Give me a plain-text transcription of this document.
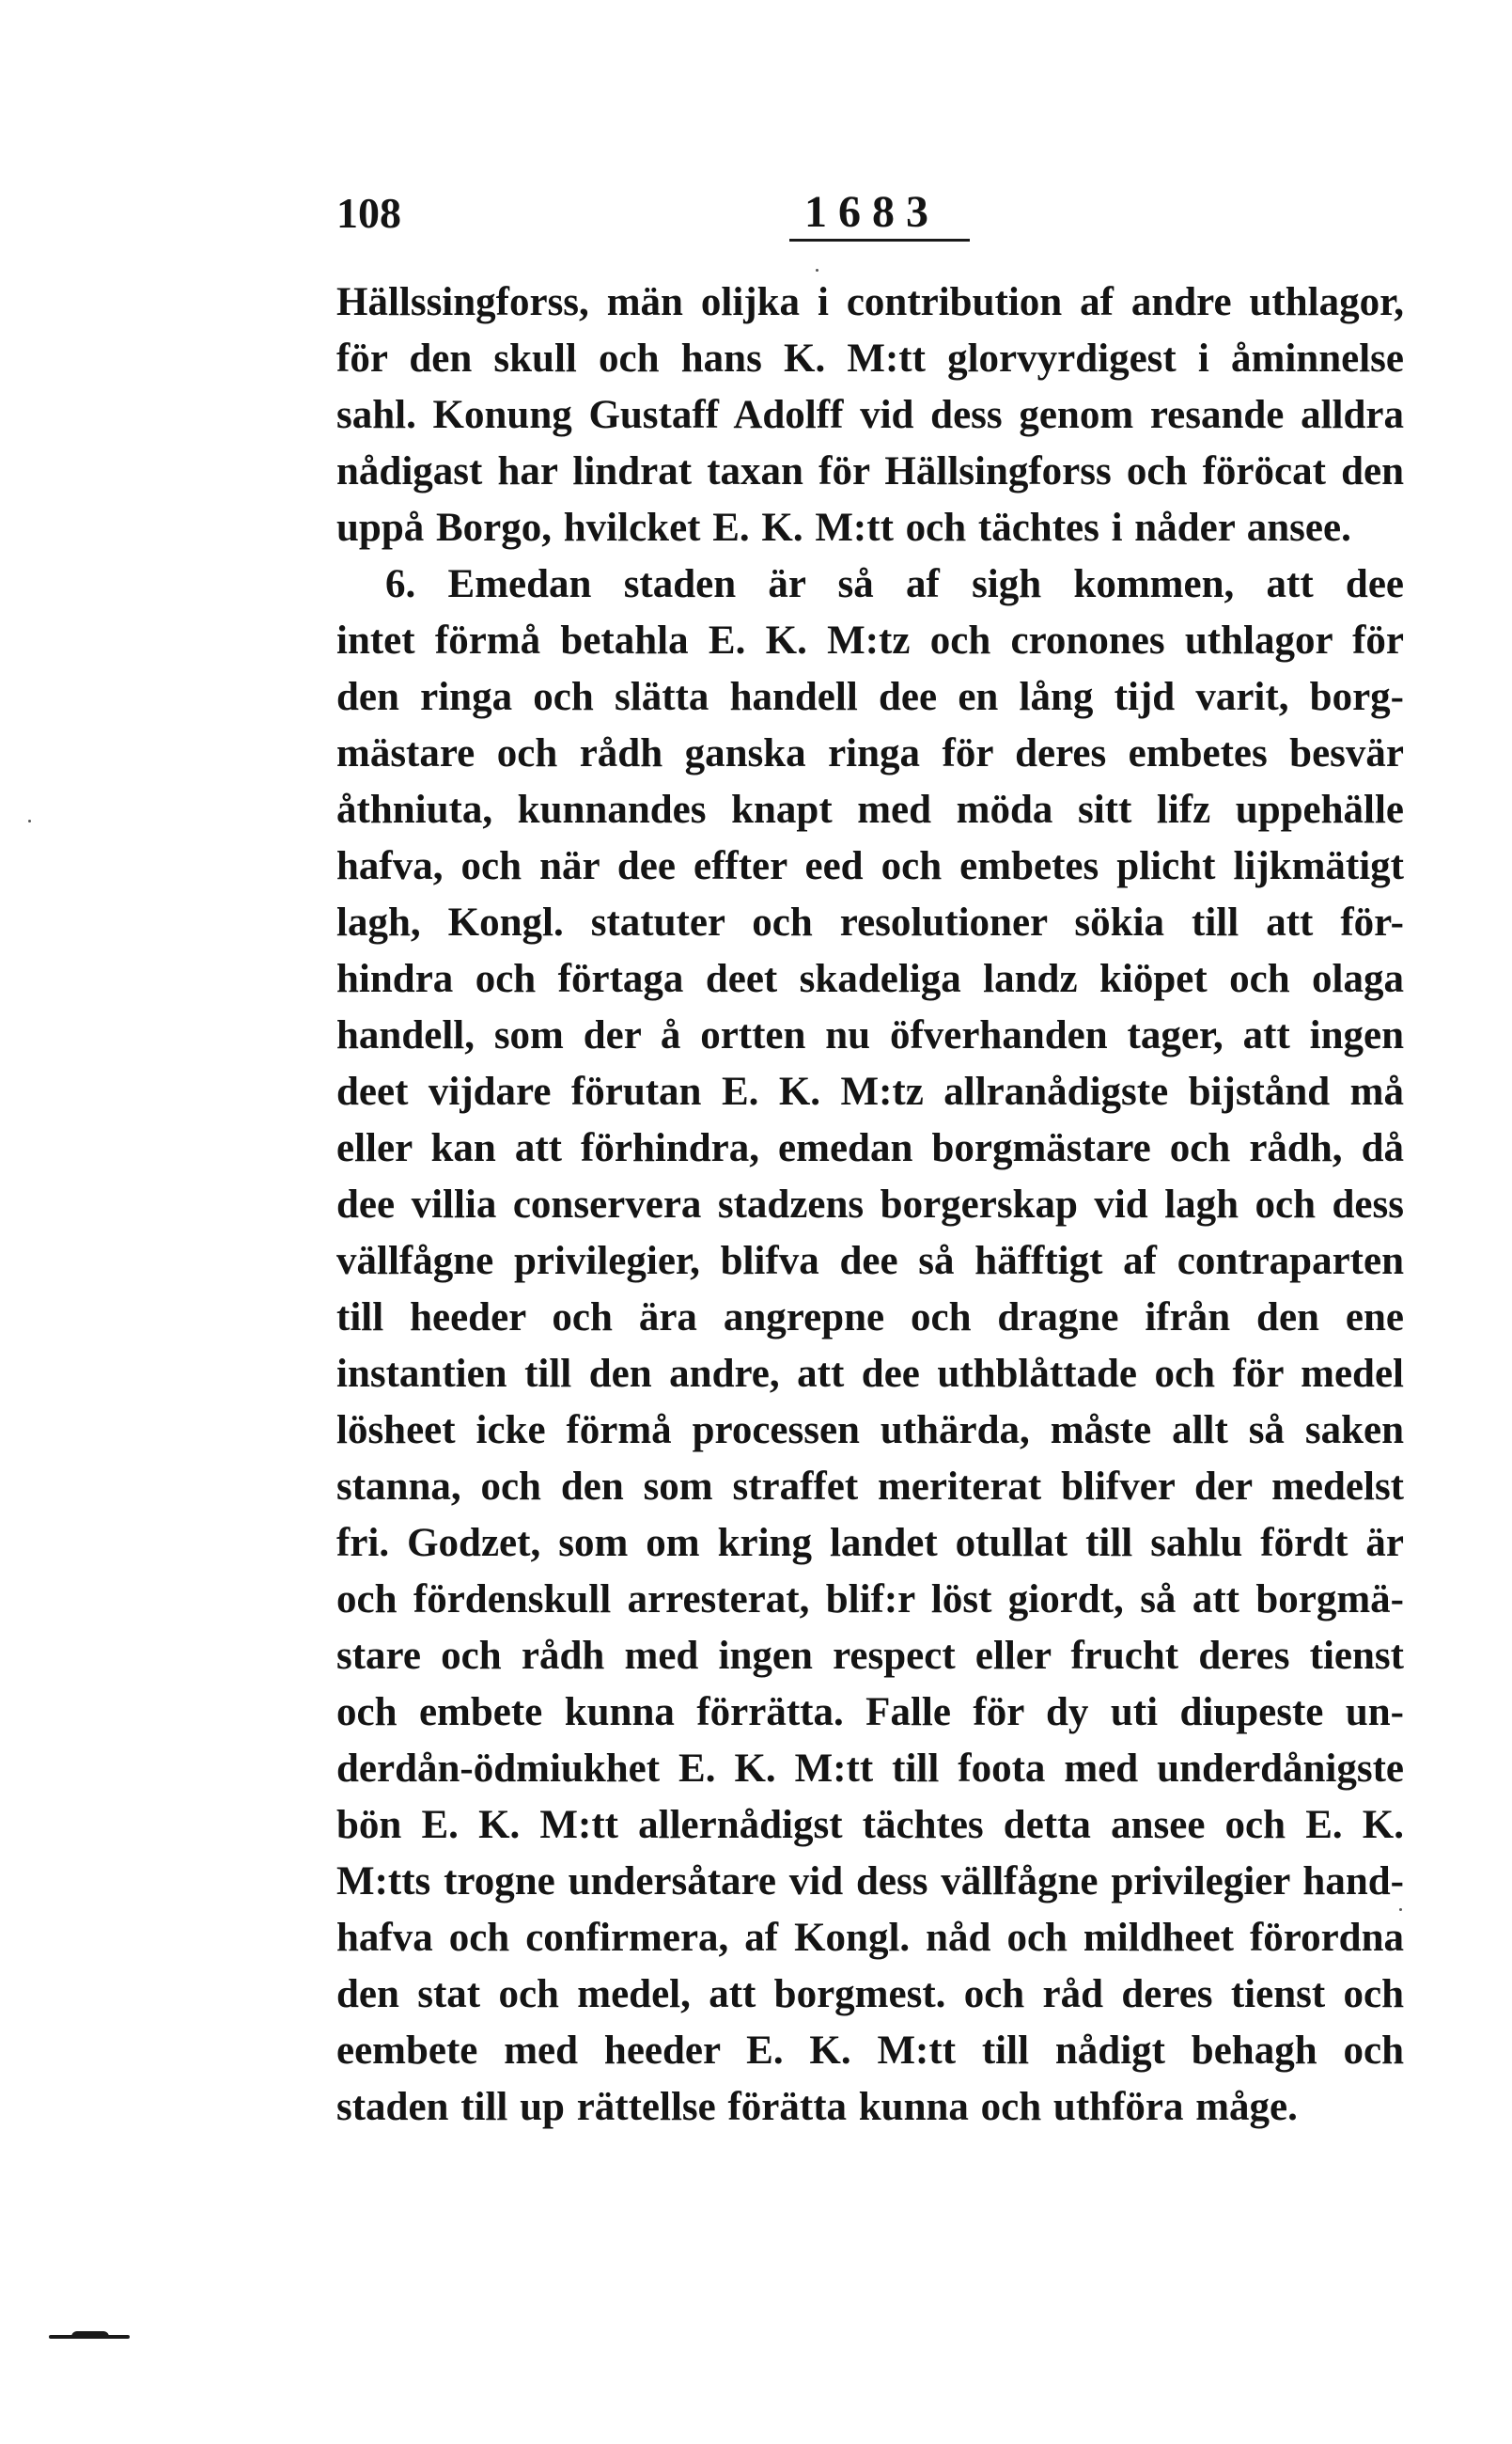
108	1683
Hällssingforss, män olijka i contribution af andre uthlagor,
för den skull och hans K. M:tt glorvyrdigest i åminnelse
sahl. Konung Gustaff Adolff vid dess genom resande alldra
nådigast har lindrat taxan för Hällsingforss och föröcat den
uppå Borgo, hvilcket E. K. M:tt och tächtes i nåder ansee.
6. Emedan staden är så af sigh kommen, att dee
intet förmå betahla E. K. M:tz och cronones uthlagor för
den ringa och slätta handell dee en lång tijd varit, borg-
mästare och rådh ganska ringa för deres embetes besvär
åthniuta, kunnandes knapt med möda sitt lifz uppehälle
hafva, och när dee effter eed och embetes plicht lijkmätigt
lagh, Kongl. statuter och resolutioner sökia till att för-
hindra och förtaga deet skadeliga landz kiöpet och olaga
handell, som der å ortten nu öfverhanden tager, att ingen
deet vijdare förutan E. K. M:tz allranådigste bijstånd må
eller kan att förhindra, emedan borgmästare och rådh, då
dee villia conservera stadzens borgerskap vid lagh och dess
vällfågne privilegier, blifva dee så häfftigt af contraparten
till heeder och ära angrepne och dragne ifrån den ene
instantien till den andre, att dee uthblåttade och för medel
lösheet icke förmå processen uthärda, måste allt så saken
stanna, och den som straffet meriterat blifver der medelst
fri. Godzet, som om kring landet otullat till sahlu fördt är
och fördenskull arresterat, blif:r löst giordt, så att borgmä-
stare och rådh med ingen respect eller frucht deres tienst
och embete kunna förrätta. Falle för dy uti diupeste un-
derdån-ödmiukhet E. K. M:tt till foota med underdånigste
bön E. K. M:tt allernådigst tächtes detta ansee och E. K.
M:tts trogne undersåtare vid dess vällfågne privilegier hand-
hafva och confirmera, af Kongl. nåd och mildheet förordna
den stat och medel, att borgmest. och råd deres tienst och
eembete med heeder E. K. M:tt till nådigt behagh och
staden till up rättellse förätta kunna och uthföra måge.
